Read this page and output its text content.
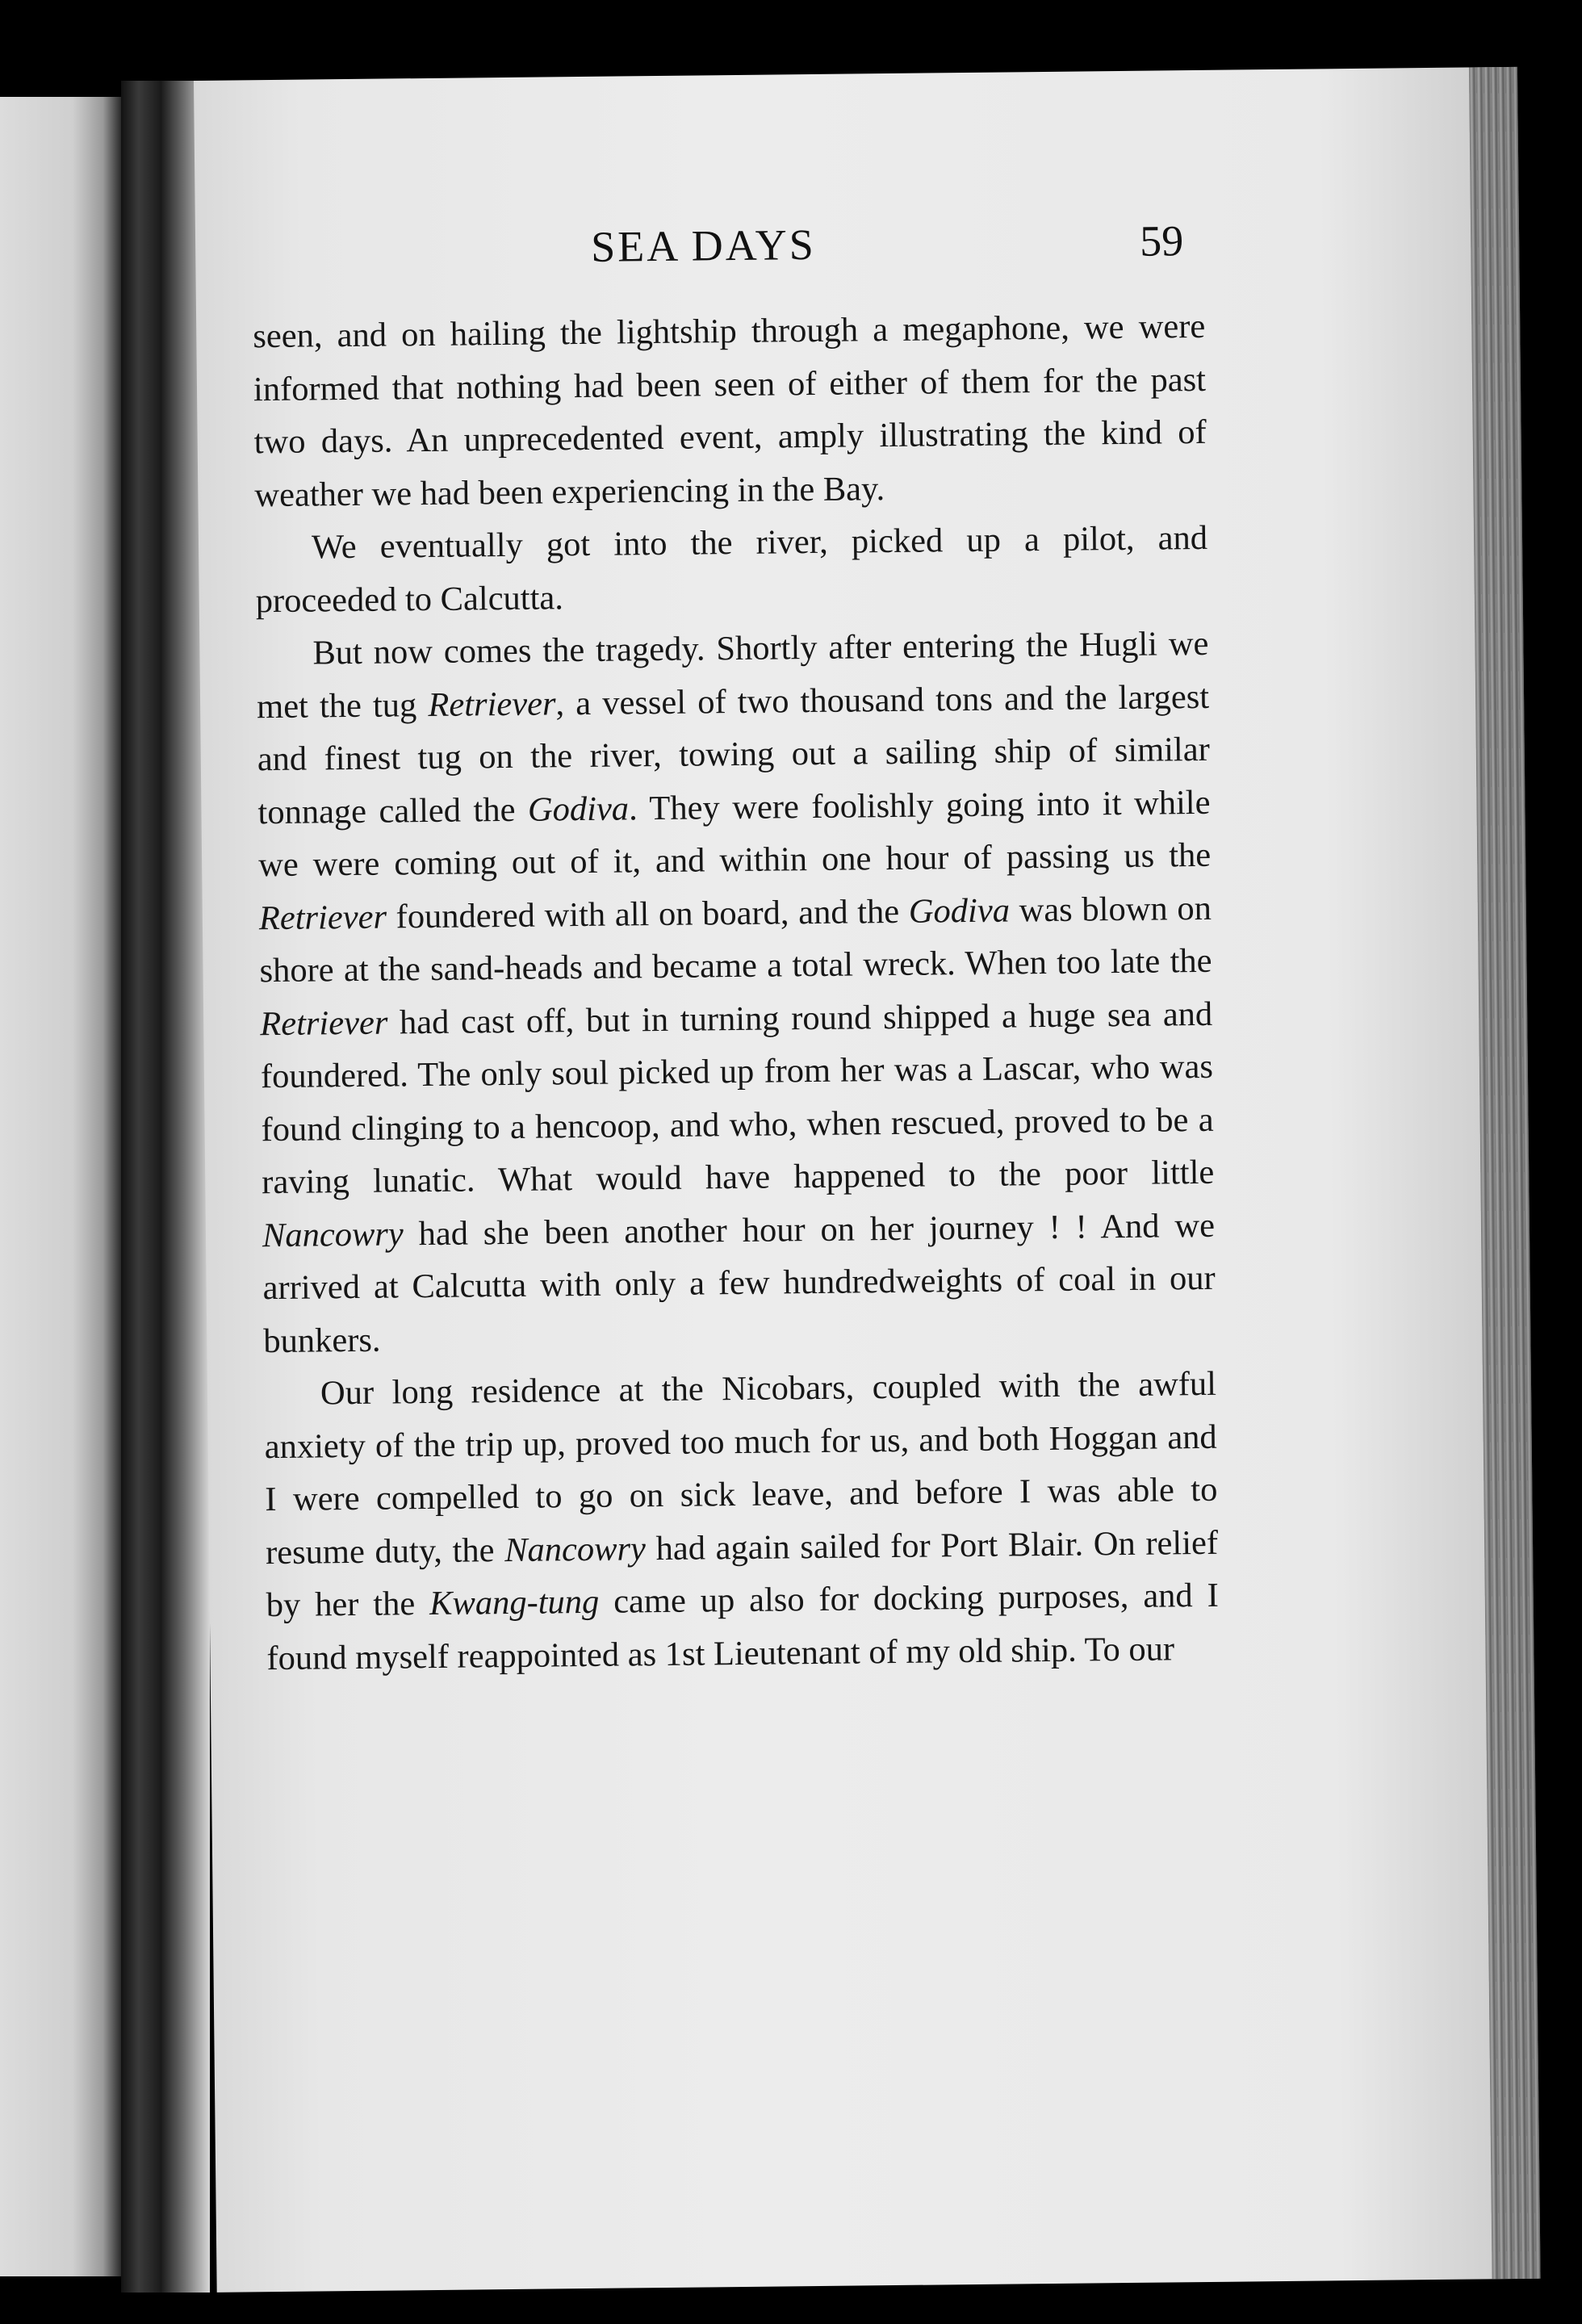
SEA DAYS	59

seen, and on hailing the lightship through a megaphone, we were informed that nothing had been seen of either of them for the past two days. An unprecedented event, amply illustrating the kind of weather we had been experiencing in the Bay.

We eventually got into the river, picked up a pilot, and proceeded to Calcutta.

But now comes the tragedy. Shortly after entering the Hugli we met the tug Retriever, a vessel of two thousand tons and the largest and finest tug on the river, towing out a sailing ship of similar tonnage called the Godiva. They were foolishly going into it while we were coming out of it, and within one hour of passing us the Retriever foundered with all on board, and the Godiva was blown on shore at the sand-heads and became a total wreck. When too late the Retriever had cast off, but in turning round shipped a huge sea and foundered. The only soul picked up from her was a Lascar, who was found clinging to a hencoop, and who, when rescued, proved to be a raving lunatic. What would have happened to the poor little Nancowry had she been another hour on her journey ! ! And we arrived at Calcutta with only a few hundredweights of coal in our bunkers.

Our long residence at the Nicobars, coupled with the awful anxiety of the trip up, proved too much for us, and both Hoggan and I were compelled to go on sick leave, and before I was able to resume duty, the Nancowry had again sailed for Port Blair. On relief by her the Kwang-tung came up also for docking purposes, and I found myself reappointed as 1st Lieutenant of my old ship. To our
